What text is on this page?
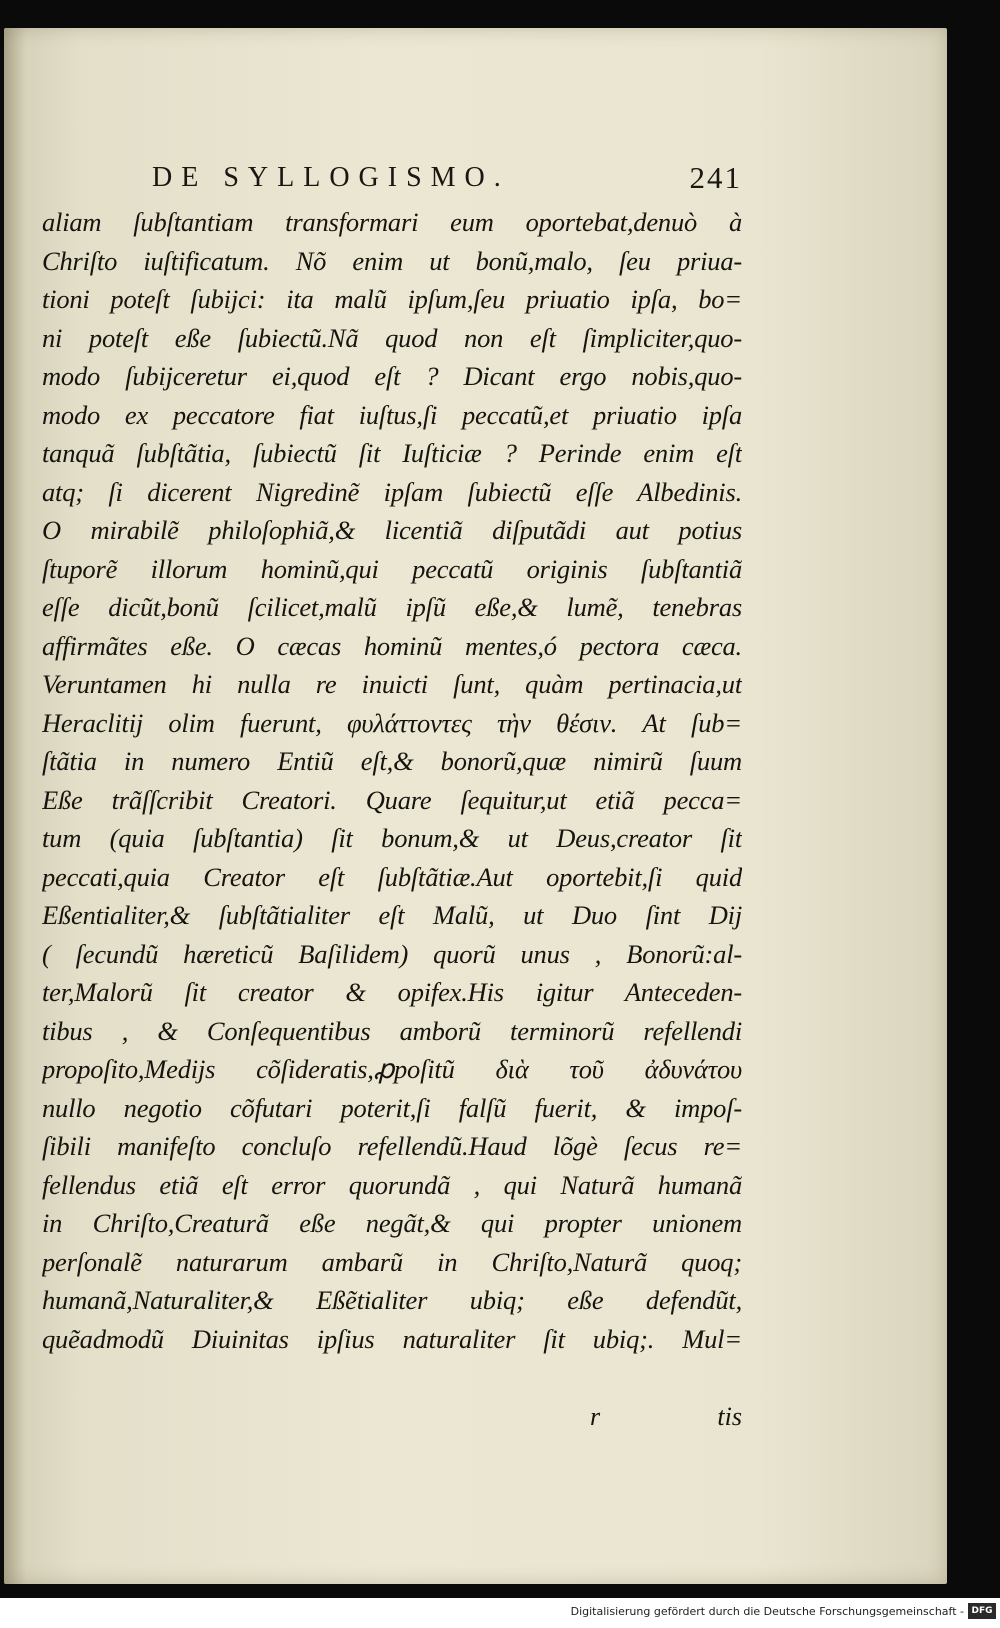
DE SYLLOGISMO.	241
aliam ſubſtantiam transformari eum oportebat,denuò à
Chriſto iuſtificatum. Nõ enim ut bonũ,malo, ſeu priua-
tioni poteſt ſubijci: ita malũ ipſum,ſeu priuatio ipſa, bo=
ni poteſt eße ſubiectũ.Nã quod non eſt ſimpliciter,quo-
modo ſubijceretur ei,quod eſt ? Dicant ergo nobis,quo-
modo ex peccatore fiat iuſtus,ſi peccatũ,et priuatio ipſa
tanquã ſubſtãtia, ſubiectũ ſit Iuſticiæ ? Perinde enim eſt
atq; ſi dicerent Nigredinẽ ipſam ſubiectũ eſſe Albedinis.
O mirabilẽ philoſophiã,& licentiã diſputãdi aut potius
ſtuporẽ illorum hominũ,qui peccatũ originis ſubſtantiã
eſſe dicũt,bonũ ſcilicet,malũ ipſũ eße,& lumẽ, tenebras
affirmãtes eße. O cæcas hominũ mentes,ó pectora cæca.
Veruntamen hi nulla re inuicti ſunt, quàm pertinacia,ut
Heraclitij olim fuerunt, φυλάττοντες τὴν θέσιν. At ſub=
ſtãtia in numero Entiũ eſt,& bonorũ,quæ nimirũ ſuum
Eße trãſſcribit Creatori. Quare ſequitur,ut etiã pecca=
tum (quia ſubſtantia) ſit bonum,& ut Deus,creator ſit
peccati,quia Creator eſt ſubſtãtiæ.Aut oportebit,ſi quid
Eßentialiter,& ſubſtãtialiter eſt Malũ, ut Duo ſint Dij
( ſecundũ hæreticũ Baſilidem) quorũ unus , Bonorũ:al-
ter,Malorũ ſit creator & opifex.His igitur Anteceden-
tibus , & Conſequentibus amborũ terminorũ refellendi
propoſito,Medijs cõſideratis,ꝓpoſitũ διὰ τοῦ ἀδυνάτου
nullo negotio cõfutari poterit,ſi falſũ fuerit, & impoſ-
ſibili manifeſto concluſo refellendũ.Haud lõgè ſecus re=
fellendus etiã eſt error quorundã , qui Naturã humanã
in Chriſto,Creaturã eße negãt,& qui propter unionem
perſonalẽ naturarum ambarũ in Chriſto,Naturã quoq;
humanã,Naturaliter,& Eßẽtialiter ubiq; eße defendũt,
quẽadmodũ Diuinitas ipſius naturaliter ſit ubiq;. Mul=
r	tis
Digitalisierung gefördert durch die Deutsche Forschungsgemeinschaft - DFG
